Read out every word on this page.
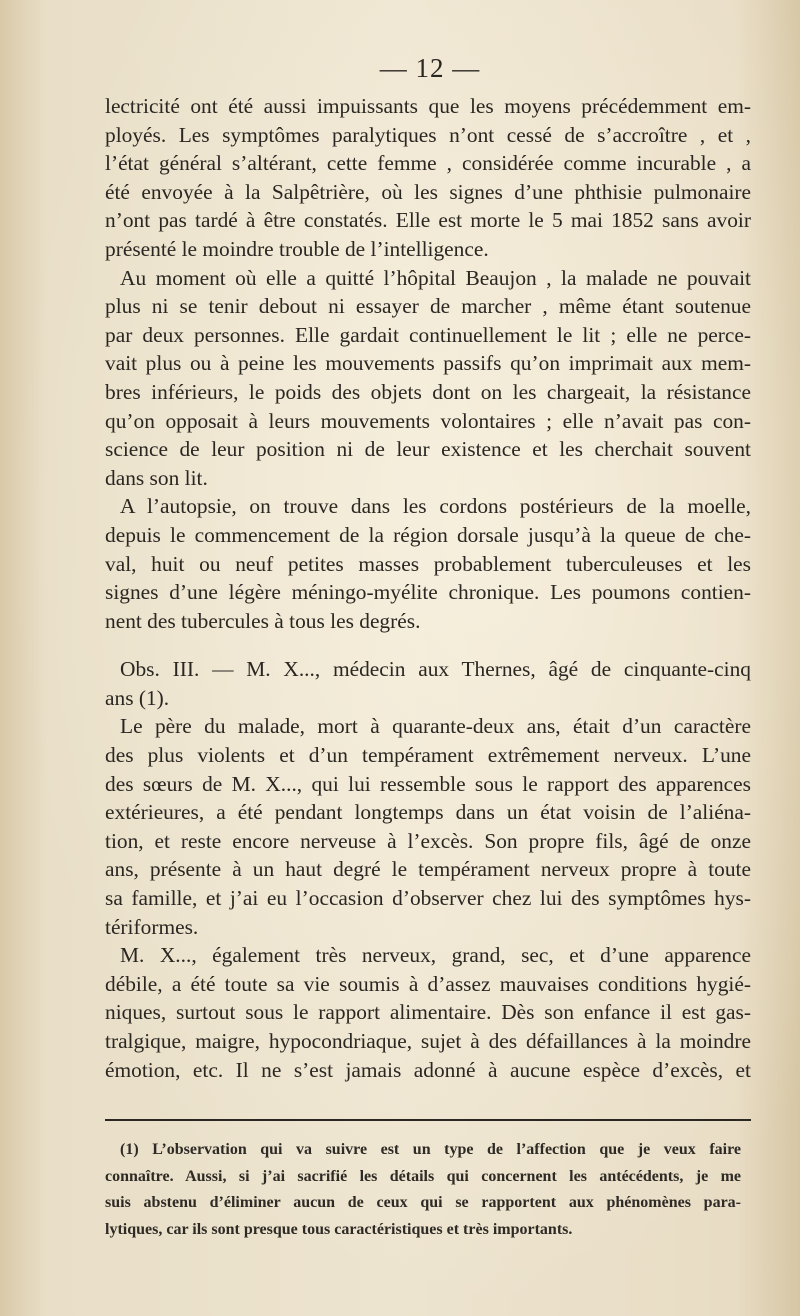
— 12 —

lectricité ont été aussi impuissants que les moyens précédemment em-

ployés. Les symptômes paralytiques n’ont cessé de s’accroître , et ,

l’état général s’altérant, cette femme , considérée comme incurable , a

été envoyée à la Salpêtrière, où les signes d’une phthisie pulmonaire

n’ont pas tardé à être constatés. Elle est morte le 5 mai 1852 sans avoir

présenté le moindre trouble de l’intelligence.

Au moment où elle a quitté l’hôpital Beaujon , la malade ne pouvait

plus ni se tenir debout ni essayer de marcher , même étant soutenue

par deux personnes. Elle gardait continuellement le lit ; elle ne perce-

vait plus ou à peine les mouvements passifs qu’on imprimait aux mem-

bres inférieurs, le poids des objets dont on les chargeait, la résistance

qu’on opposait à leurs mouvements volontaires ; elle n’avait pas con-

science de leur position ni de leur existence et les cherchait souvent

dans son lit.

A l’autopsie, on trouve dans les cordons postérieurs de la moelle,

depuis le commencement de la région dorsale jusqu’à la queue de che-

val, huit ou neuf petites masses probablement tuberculeuses et les

signes d’une légère méningo-myélite chronique. Les poumons contien-

nent des tubercules à tous les degrés.

Obs. III. — M. X..., médecin aux Thernes, âgé de cinquante-cinq

ans (1).

Le père du malade, mort à quarante-deux ans, était d’un caractère

des plus violents et d’un tempérament extrêmement nerveux. L’une

des sœurs de M. X..., qui lui ressemble sous le rapport des apparences

extérieures, a été pendant longtemps dans un état voisin de l’aliéna-

tion, et reste encore nerveuse à l’excès. Son propre fils, âgé de onze

ans, présente à un haut degré le tempérament nerveux propre à toute

sa famille, et j’ai eu l’occasion d’observer chez lui des symptômes hys-

tériformes.

M. X..., également très nerveux, grand, sec, et d’une apparence

débile, a été toute sa vie soumis à d’assez mauvaises conditions hygié-

niques, surtout sous le rapport alimentaire. Dès son enfance il est gas-

tralgique, maigre, hypocondriaque, sujet à des défaillances à la moindre

émotion, etc. Il ne s’est jamais adonné à aucune espèce d’excès, et

(1) L’observation qui va suivre est un type de l’affection que je veux faire

connaître. Aussi, si j’ai sacrifié les détails qui concernent les antécédents, je me

suis abstenu d’éliminer aucun de ceux qui se rapportent aux phénomènes para-

lytiques, car ils sont presque tous caractéristiques et très importants.
